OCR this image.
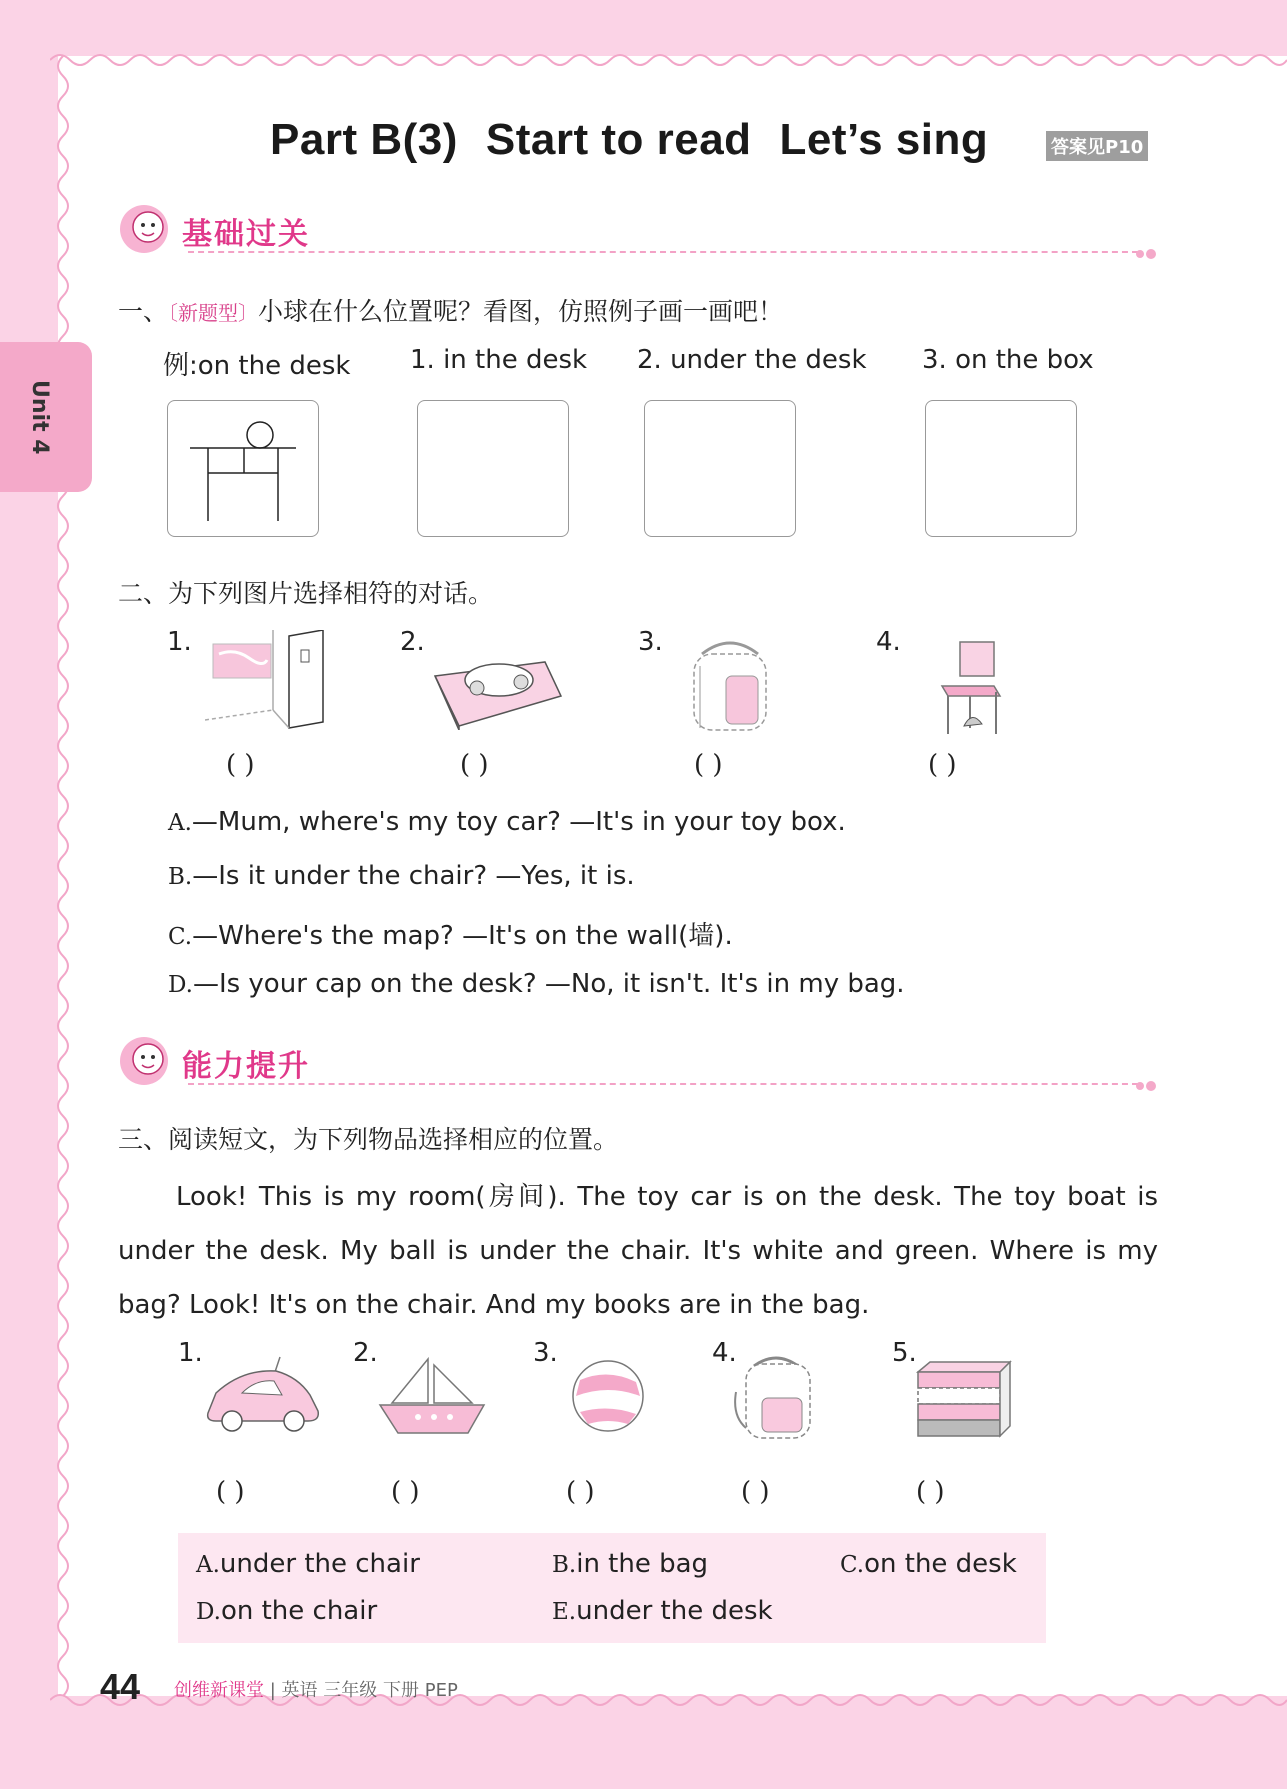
Part B(3) Start to read Let’s sing	答案见P10
Unit 4
基础过关
一、〔新题型〕小球在什么位置呢？看图，仿照例子画一画吧！
例:on the desk 1. in the desk 2. under the desk 3. on the box
二、为下列图片选择相符的对话。
1.	2.	3.	4.
( )	( )	( )	( )
A.—Mum, where's my toy car? —It's in your toy box.
B.—Is it under the chair? —Yes, it is.
C.—Where's the map? —It's on the wall(墙).
D.—Is your cap on the desk? —No, it isn't. It's in my bag.
能力提升
三、阅读短文，为下列物品选择相应的位置。
Look! This is my room(房间). The toy car is on the desk. The toy boat is under the desk. My ball is under the chair. It's white and green. Where is my bag? Look! It's on the chair. And my books are in the bag.
1.	2.	3.	4.	5.
( )	( )	( )	( )	( )
A.under the chair	B.in the bag	C.on the desk
D.on the chair	E.under the desk
44 创维新课堂 | 英语 三年级 下册 PEP
